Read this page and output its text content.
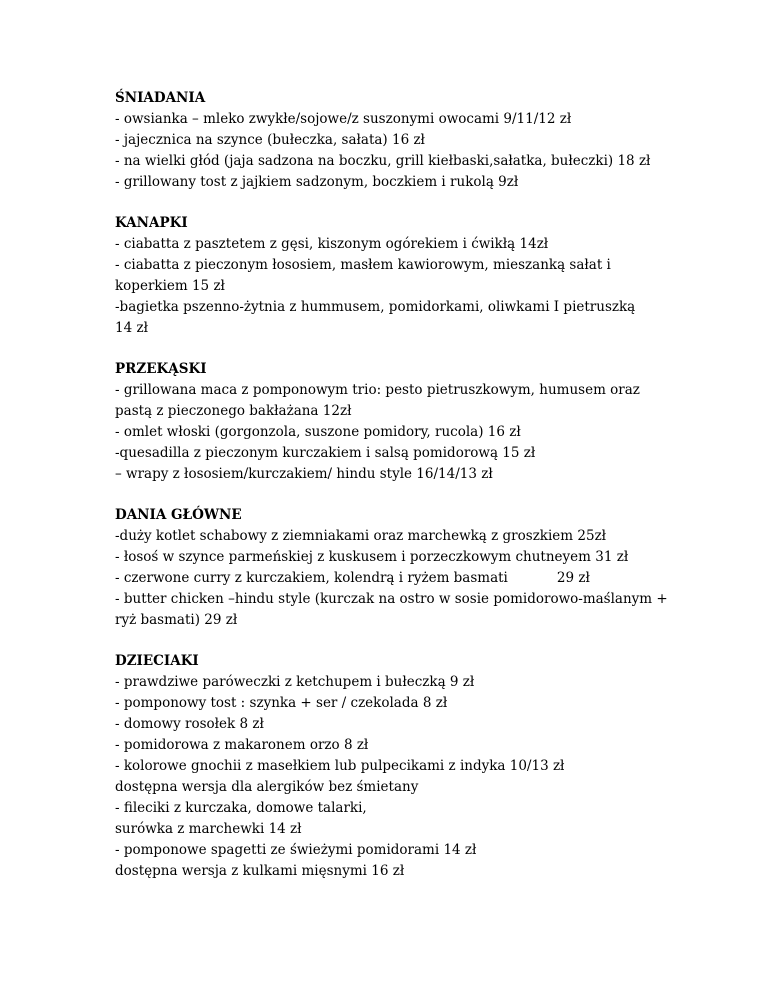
ŚNIADANIA
- owsianka – mleko zwykłe/sojowe/z suszonymi owocami 9/11/12 zł
- jajecznica na szynce (bułeczka, sałata) 16 zł
- na wielki głód (jaja sadzona na boczku, grill kiełbaski,sałatka, bułeczki) 18 zł
- grillowany tost z jajkiem sadzonym, boczkiem i rukolą 9zł
KANAPKI
- ciabatta z pasztetem z gęsi, kiszonym ogórekiem i ćwikłą 14zł
- ciabatta z pieczonym łososiem, masłem kawiorowym, mieszanką sałat i
koperkiem 15 zł
-bagietka pszenno-żytnia z hummusem, pomidorkami, oliwkami I pietruszką
14 zł
PRZEKĄSKI
- grillowana maca z pomponowym trio: pesto pietruszkowym, humusem oraz
pastą z pieczonego bakłażana 12zł
- omlet włoski (gorgonzola, suszone pomidory, rucola) 16 zł
-quesadilla z pieczonym kurczakiem i salsą pomidorową 15 zł
– wrapy z łososiem/kurczakiem/ hindu style 16/14/13 zł
DANIA GŁÓWNE
-duży kotlet schabowy z ziemniakami oraz marchewką z groszkiem 25zł
- łosoś w szynce parmeńskiej z kuskusem i porzeczkowym chutneyem 31 zł
- czerwone curry z kurczakiem, kolendrą i ryżem basmati	29 zł
- butter chicken –hindu style (kurczak na ostro w sosie pomidorowo-maślanym +
ryż basmati) 29 zł
DZIECIAKI
- prawdziwe paróweczki z ketchupem i bułeczką 9 zł
- pomponowy tost : szynka + ser / czekolada 8 zł
- domowy rosołek 8 zł
- pomidorowa z makaronem orzo 8 zł
- kolorowe gnochii z masełkiem lub pulpecikami z indyka 10/13 zł
dostępna wersja dla alergików bez śmietany
- fileciki z kurczaka, domowe talarki,
surówka z marchewki 14 zł
- pomponowe spagetti ze świeżymi pomidorami 14 zł
dostępna wersja z kulkami mięsnymi 16 zł
